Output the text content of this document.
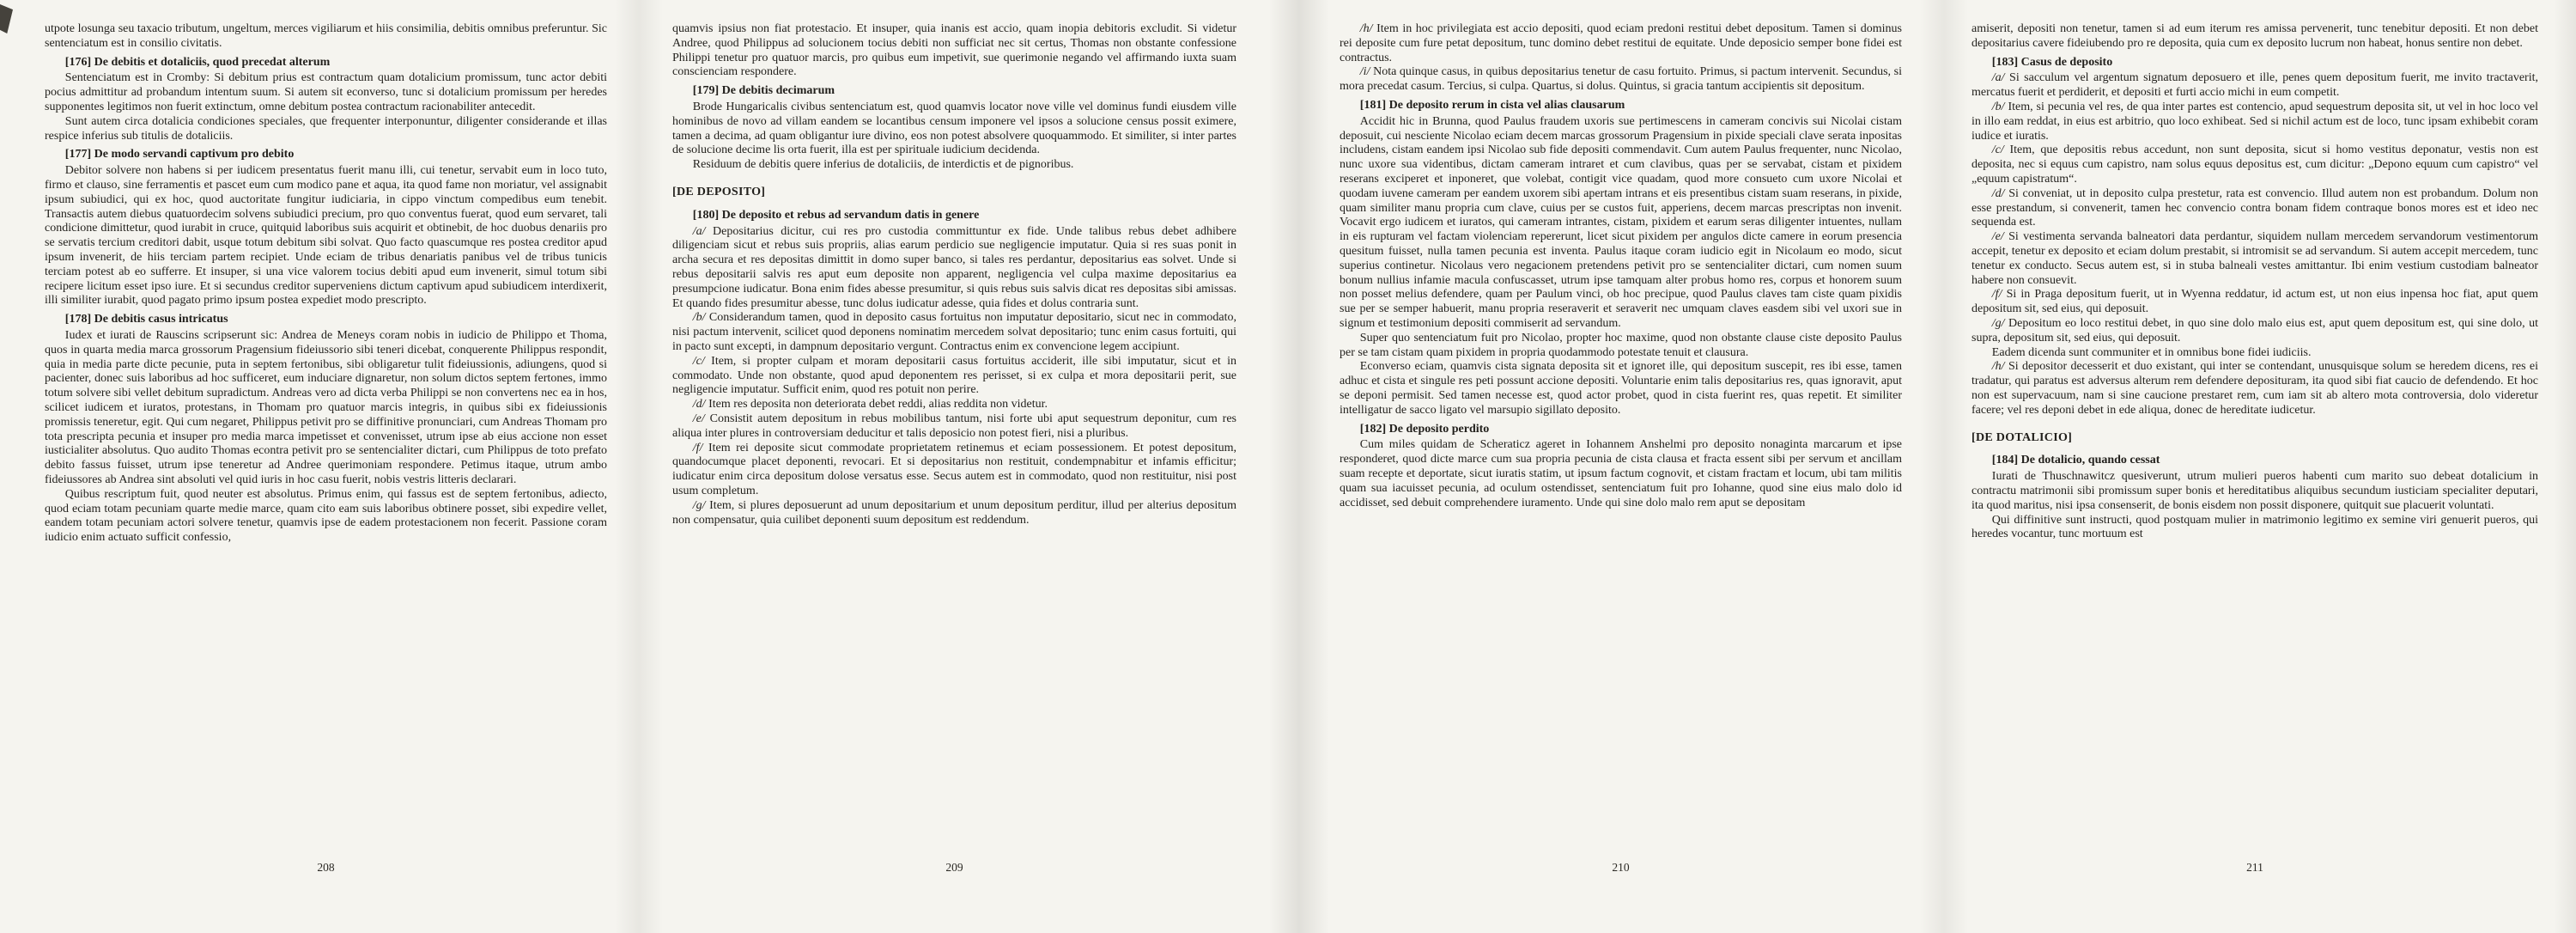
utpote losunga seu taxacio tributum, ungeltum, merces vigiliarum et hiis consimilia, debitis omnibus preferuntur. Sic sentenciatum est in consilio civitatis.

[176] De debitis et dotaliciis, quod precedat alterum

Sentenciatum est in Cromby: Si debitum prius est contractum quam dotalicium promissum, tunc actor debiti pocius admittitur ad probandum intentum suum. Si autem sit econverso, tunc si dotalicium promissum per heredes supponentes legitimos non fuerit extinctum, omne debitum postea contractum racionabiliter antecedit.

Sunt autem circa dotalicia condiciones speciales, que frequenter interponuntur, diligenter considerande et illas respice inferius sub titulis de dotaliciis.

[177] De modo servandi captivum pro debito

Debitor solvere non habens si per iudicem presentatus fuerit manu illi, cui tenetur, servabit eum in loco tuto, firmo et clauso, sine ferramentis et pascet eum cum modico pane et aqua, ita quod fame non moriatur, vel assignabit ipsum subiudici, qui ex hoc, quod auctoritate fungitur iudiciaria, in cippo vinctum compedibus eum tenebit. Transactis autem diebus quatuordecim solvens subiudici precium, pro quo conventus fuerat, quod eum servaret, tali condicione dimittetur, quod iurabit in cruce, quitquid laboribus suis acquirit et obtinebit, de hoc duobus denariis pro se servatis tercium creditori dabit, usque totum debitum sibi solvat. Quo facto quascumque res postea creditor apud ipsum invenerit, de hiis terciam partem recipiet. Unde eciam de tribus denariatis panibus vel de tribus tunicis terciam potest ab eo sufferre. Et insuper, si una vice valorem tocius debiti apud eum invenerit, simul totum sibi recipere licitum esset ipso iure. Et si secundus creditor superveniens dictum captivum apud subiudicem interdixerit, illi similiter iurabit, quod pagato primo ipsum postea expediet modo prescripto.

[178] De debitis casus intricatus

Iudex et iurati de Rauscins scripserunt sic: Andrea de Meneys coram nobis in iudicio de Philippo et Thoma, quos in quarta media marca grossorum Pragensium fideiussorio sibi teneri dicebat, conquerente Philippus respondit, quia in media parte dicte pecunie, puta in septem fertonibus, sibi obligaretur tulit fideiussionis, adiungens, quod si pacienter, donec suis laboribus ad hoc sufficeret, eum induciare dignaretur, non solum dictos septem fertones, immo totum solvere sibi vellet debitum supradictum. Andreas vero ad dicta verba Philippi se non convertens nec ea in hos, scilicet iudicem et iuratos, protestans, in Thomam pro quatuor marcis integris, in quibus sibi ex fideiussionis promissis teneretur, egit. Qui cum negaret, Philippus petivit pro se diffinitive pronunciari, cum Andreas Thomam pro tota prescripta pecunia et insuper pro media marca impetisset et convenisset, utrum ipse ab eius accione non esset iusticialiter absolutus. Quo audito Thomas econtra petivit pro se sentencialiter dictari, cum Philippus de toto prefato debito fassus fuisset, utrum ipse teneretur ad Andree querimoniam respondere. Petimus itaque, utrum ambo fideiussores ab Andrea sint absoluti vel quid iuris in hoc casu fuerit, nobis vestris litteris declarari.

Quibus rescriptum fuit, quod neuter est absolutus. Primus enim, qui fassus est de septem fertonibus, adiecto, quod eciam totam pecuniam quarte medie marce, quam cito eam suis laboribus obtinere posset, sibi expedire vellet, eandem totam pecuniam actori solvere tenetur, quamvis ipse de eadem protestacionem non fecerit. Passione coram iudicio enim actuato sufficit confessio,

208

quamvis ipsius non fiat protestacio. Et insuper, quia inanis est accio, quam inopia debitoris excludit. Si videtur Andree, quod Philippus ad solucionem tocius debiti non sufficiat nec sit certus, Thomas non obstante confessione Philippi tenetur pro quatuor marcis, pro quibus eum impetivit, sue querimonie negando vel affirmando iuxta suam conscienciam respondere.

[179] De debitis decimarum

Brode Hungaricalis civibus sentenciatum est, quod quamvis locator nove ville vel dominus fundi eiusdem ville hominibus de novo ad villam eandem se locantibus censum imponere vel ipsos a solucione census possit eximere, tamen a decima, ad quam obligantur iure divino, eos non potest absolvere quoquammodo. Et similiter, si inter partes de solucione decime lis orta fuerit, illa est per spirituale iudicium decidenda.

Residuum de debitis quere inferius de dotaliciis, de interdictis et de pignoribus.

[DE DEPOSITO]

[180] De deposito et rebus ad servandum datis in genere

/a/ Depositarius dicitur, cui res pro custodia committuntur ex fide. Unde talibus rebus debet adhibere diligenciam sicut et rebus suis propriis, alias earum perdicio sue negligencie imputatur. Quia si res suas ponit in archa secura et res depositas dimittit in domo super banco, si tales res perdantur, depositarius eas solvet. Unde si rebus depositarii salvis res aput eum deposite non apparent, negligencia vel culpa maxime depositarius ea presumpcione iudicatur. Bona enim fides abesse presumitur, si quis rebus suis salvis dicat res depositas sibi amissas. Et quando fides presumitur abesse, tunc dolus iudicatur adesse, quia fides et dolus contraria sunt.

/b/ Considerandum tamen, quod in deposito casus fortuitus non imputatur depositario, sicut nec in commodato, nisi pactum intervenit, scilicet quod deponens nominatim mercedem solvat depositario; tunc enim casus fortuiti, qui in pacto sunt excepti, in dampnum depositario vergunt. Contractus enim ex convencione legem accipiunt.

/c/ Item, si propter culpam et moram depositarii casus fortuitus acciderit, ille sibi imputatur, sicut et in commodato. Unde non obstante, quod apud deponentem res perisset, si ex culpa et mora depositarii perit, sue negligencie imputatur. Sufficit enim, quod res potuit non perire.

/d/ Item res deposita non deteriorata debet reddi, alias reddita non videtur.

/e/ Consistit autem depositum in rebus mobilibus tantum, nisi forte ubi aput sequestrum deponitur, cum res aliqua inter plures in controversiam deducitur et talis deposicio non potest fieri, nisi a pluribus.

/f/ Item rei deposite sicut commodate proprietatem retinemus et eciam possessionem. Et potest depositum, quandocumque placet deponenti, revocari. Et si depositarius non restituit, condempnabitur et infamis efficitur; iudicatur enim circa depositum dolose versatus esse. Secus autem est in commodato, quod non restituitur, nisi post usum completum.

/g/ Item, si plures deposuerunt ad unum depositarium et unum depositum perditur, illud per alterius depositum non compensatur, quia cuilibet deponenti suum depositum est reddendum.

209

/h/ Item in hoc privilegiata est accio depositi, quod eciam predoni restitui debet depositum. Tamen si dominus rei deposite cum fure petat depositum, tunc domino debet restitui de equitate. Unde deposicio semper bone fidei est contractus.

/i/ Nota quinque casus, in quibus depositarius tenetur de casu fortuito. Primus, si pactum intervenit. Secundus, si mora precedat casum. Tercius, si culpa. Quartus, si dolus. Quintus, si gracia tantum accipientis sit depositum.

[181] De deposito rerum in cista vel alias clausarum

Accidit hic in Brunna, quod Paulus fraudem uxoris sue pertimescens in cameram concivis sui Nicolai cistam deposuit, cui nesciente Nicolao eciam decem marcas grossorum Pragensium in pixide speciali clave serata inpositas includens, cistam eandem ipsi Nicolao sub fide depositi commendavit. Cum autem Paulus frequenter, nunc Nicolao, nunc uxore sua videntibus, dictam cameram intraret et cum clavibus, quas per se servabat, cistam et pixidem reserans exciperet et inponeret, que volebat, contigit vice quadam, quod more consueto cum uxore Nicolai et quodam iuvene cameram per eandem uxorem sibi apertam intrans et eis presentibus cistam suam reserans, in pixide, quam similiter manu propria cum clave, cuius per se custos fuit, apperiens, decem marcas prescriptas non invenit. Vocavit ergo iudicem et iuratos, qui cameram intrantes, cistam, pixidem et earum seras diligenter intuentes, nullam in eis rupturam vel factam violenciam repererunt, licet sicut pixidem per angulos dicte camere in eorum presencia quesitum fuisset, nulla tamen pecunia est inventa. Paulus itaque coram iudicio egit in Nicolaum eo modo, sicut superius continetur. Nicolaus vero negacionem pretendens petivit pro se sentencialiter dictari, cum nomen suum bonum nullius infamie macula confuscasset, utrum ipse tamquam alter probus homo res, corpus et honorem suum non posset melius defendere, quam per Paulum vinci, ob hoc precipue, quod Paulus claves tam ciste quam pixidis sue per se semper habuerit, manu propria reseraverit et seraverit nec umquam claves easdem sibi vel uxori sue in signum et testimonium depositi commiserit ad servandum.

Super quo sentenciatum fuit pro Nicolao, propter hoc maxime, quod non obstante clause ciste deposito Paulus per se tam cistam quam pixidem in propria quodammodo potestate tenuit et clausura.

Econverso eciam, quamvis cista signata deposita sit et ignoret ille, qui depositum suscepit, res ibi esse, tamen adhuc et cista et singule res peti possunt accione depositi. Voluntarie enim talis depositarius res, quas ignoravit, aput se deponi permisit. Sed tamen necesse est, quod actor probet, quod in cista fuerint res, quas repetit. Et similiter intelligatur de sacco ligato vel marsupio sigillato deposito.

[182] De deposito perdito

Cum miles quidam de Scheraticz ageret in Iohannem Anshelmi pro deposito nonaginta marcarum et ipse responderet, quod dicte marce cum sua propria pecunia de cista clausa et fracta essent sibi per servum et ancillam suam recepte et deportate, sicut iuratis statim, ut ipsum factum cognovit, et cistam fractam et locum, ubi tam militis quam sua iacuisset pecunia, ad oculum ostendisset, sentenciatum fuit pro Iohanne, quod sine eius malo dolo id accidisset, sed debuit comprehendere iuramento. Unde qui sine dolo malo rem aput se depositam

210

amiserit, depositi non tenetur, tamen si ad eum iterum res amissa pervenerit, tunc tenebitur depositi. Et non debet depositarius cavere fideiubendo pro re deposita, quia cum ex deposito lucrum non habeat, honus sentire non debet.

[183] Casus de deposito

/a/ Si sacculum vel argentum signatum deposuero et ille, penes quem depositum fuerit, me invito tractaverit, mercatus fuerit et perdiderit, et depositi et furti accio michi in eum competit.

/b/ Item, si pecunia vel res, de qua inter partes est contencio, apud sequestrum deposita sit, ut vel in hoc loco vel in illo eam reddat, in eius est arbitrio, quo loco exhibeat. Sed si nichil actum est de loco, tunc ipsam exhibebit coram iudice et iuratis.

/c/ Item, que depositis rebus accedunt, non sunt deposita, sicut si homo vestitus deponatur, vestis non est deposita, nec si equus cum capistro, nam solus equus depositus est, cum dicitur: „Depono equum cum capistro“ vel „equum capistratum“.

/d/ Si conveniat, ut in deposito culpa prestetur, rata est convencio. Illud autem non est probandum. Dolum non esse prestandum, si convenerit, tamen hec convencio contra bonam fidem contraque bonos mores est et ideo nec sequenda est.

/e/ Si vestimenta servanda balneatori data perdantur, siquidem nullam mercedem servandorum vestimentorum accepit, tenetur ex deposito et eciam dolum prestabit, si intromisit se ad servandum. Si autem accepit mercedem, tunc tenetur ex conducto. Secus autem est, si in stuba balneali vestes amittantur. Ibi enim vestium custodiam balneator habere non consuevit.

/f/ Si in Praga depositum fuerit, ut in Wyenna reddatur, id actum est, ut non eius inpensa hoc fiat, aput quem depositum sit, sed eius, qui deposuit.

/g/ Depositum eo loco restitui debet, in quo sine dolo malo eius est, aput quem depositum est, qui sine dolo, ut supra, depositum sit, sed eius, qui deposuit.

Eadem dicenda sunt communiter et in omnibus bone fidei iudiciis.

/h/ Si depositor decesserit et duo existant, qui inter se contendant, unusquisque solum se heredem dicens, res ei tradatur, qui paratus est adversus alterum rem defendere deposituram, ita quod sibi fiat caucio de defendendo. Et hoc non est supervacuum, nam si sine caucione prestaret rem, cum iam sit ab altero mota controversia, dolo videretur facere; vel res deponi debet in ede aliqua, donec de hereditate iudicetur.

[DE DOTALICIO]

[184] De dotalicio, quando cessat

Iurati de Thuschnawitcz quesiverunt, utrum mulieri pueros habenti cum marito suo debeat dotalicium in contractu matrimonii sibi promissum super bonis et hereditatibus aliquibus secundum iusticiam specialiter deputari, ita quod maritus, nisi ipsa consenserit, de bonis eisdem non possit disponere, quitquit sue placuerit voluntati.

Qui diffinitive sunt instructi, quod postquam mulier in matrimonio legitimo ex semine viri genuerit pueros, qui heredes vocantur, tunc mortuum est

211
